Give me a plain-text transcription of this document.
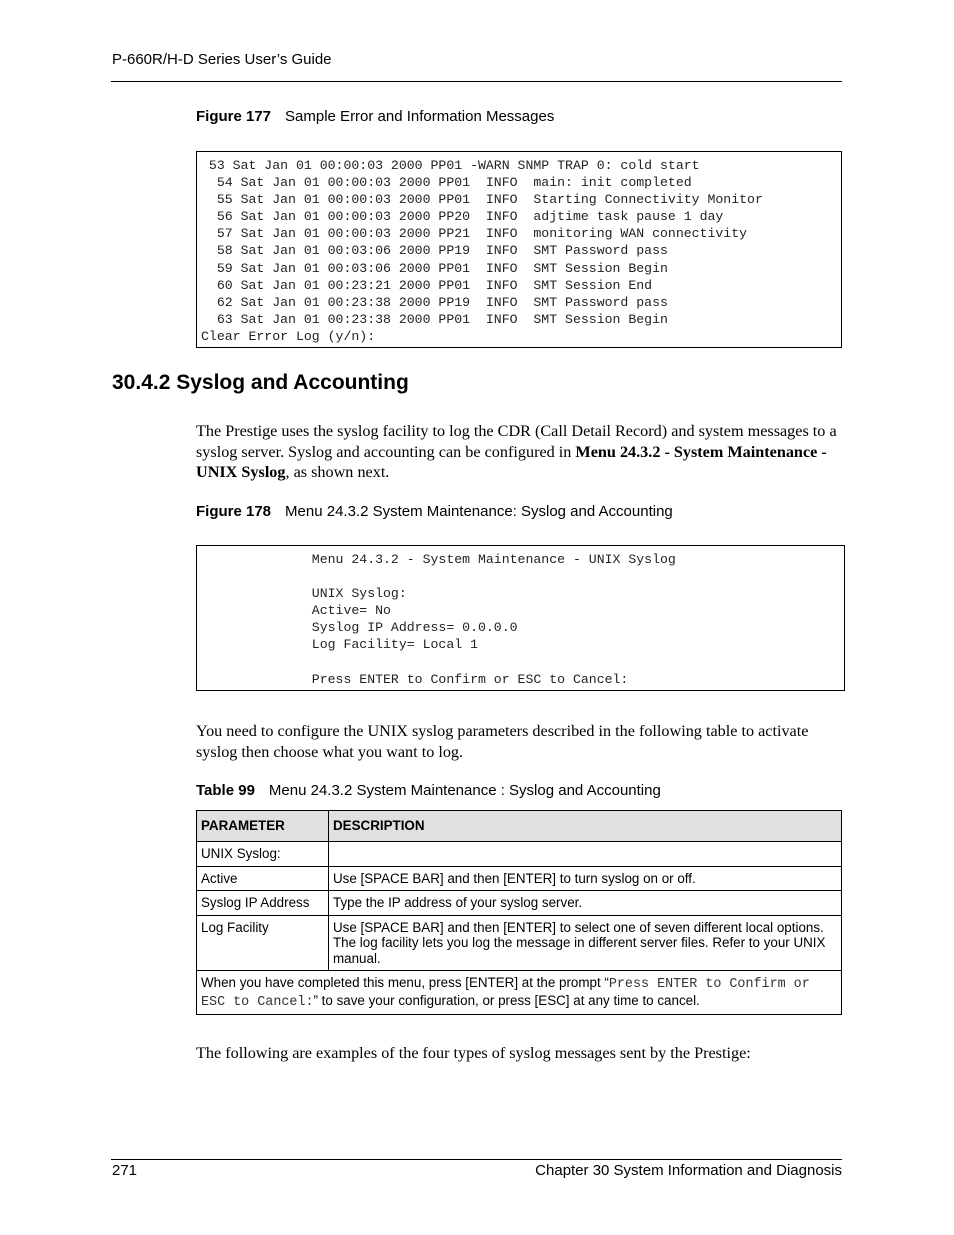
P-660R/H-D Series User’s Guide
Figure 177 Sample Error and Information Messages
53 Sat Jan 01 00:00:03 2000 PP01 -WARN SNMP TRAP 0: cold start
54 Sat Jan 01 00:00:03 2000 PP01  INFO  main: init completed
55 Sat Jan 01 00:00:03 2000 PP01  INFO  Starting Connectivity Monitor
56 Sat Jan 01 00:00:03 2000 PP20  INFO  adjtime task pause 1 day
57 Sat Jan 01 00:00:03 2000 PP21  INFO  monitoring WAN connectivity
58 Sat Jan 01 00:03:06 2000 PP19  INFO  SMT Password pass
59 Sat Jan 01 00:03:06 2000 PP01  INFO  SMT Session Begin
60 Sat Jan 01 00:23:21 2000 PP01  INFO  SMT Session End
62 Sat Jan 01 00:23:38 2000 PP19  INFO  SMT Password pass
63 Sat Jan 01 00:23:38 2000 PP01  INFO  SMT Session Begin
Clear Error Log (y/n):
30.4.2 Syslog and Accounting
The Prestige uses the syslog facility to log the CDR (Call Detail Record) and system messages to a syslog server. Syslog and accounting can be configured in Menu 24.3.2 - System Maintenance - UNIX Syslog, as shown next.
Figure 178 Menu 24.3.2 System Maintenance: Syslog and Accounting
Menu 24.3.2 - System Maintenance - UNIX Syslog

UNIX Syslog:
Active= No
Syslog IP Address= 0.0.0.0
Log Facility= Local 1

Press ENTER to Confirm or ESC to Cancel:
You need to configure the UNIX syslog parameters described in the following table to activate syslog then choose what you want to log.
Table 99 Menu 24.3.2 System Maintenance : Syslog and Accounting
PARAMETER	DESCRIPTION
UNIX Syslog:	
Active	Use [SPACE BAR] and then [ENTER] to turn syslog on or off.
Syslog IP Address	Type the IP address of your syslog server.
Log Facility	Use [SPACE BAR] and then [ENTER] to select one of seven different local options. The log facility lets you log the message in different server files. Refer to your UNIX manual.
When you have completed this menu, press [ENTER] at the prompt “Press ENTER to Confirm or ESC to Cancel:” to save your configuration, or press [ESC] at any time to cancel.	
The following are examples of the four types of syslog messages sent by the Prestige:
271	Chapter 30 System Information and Diagnosis
